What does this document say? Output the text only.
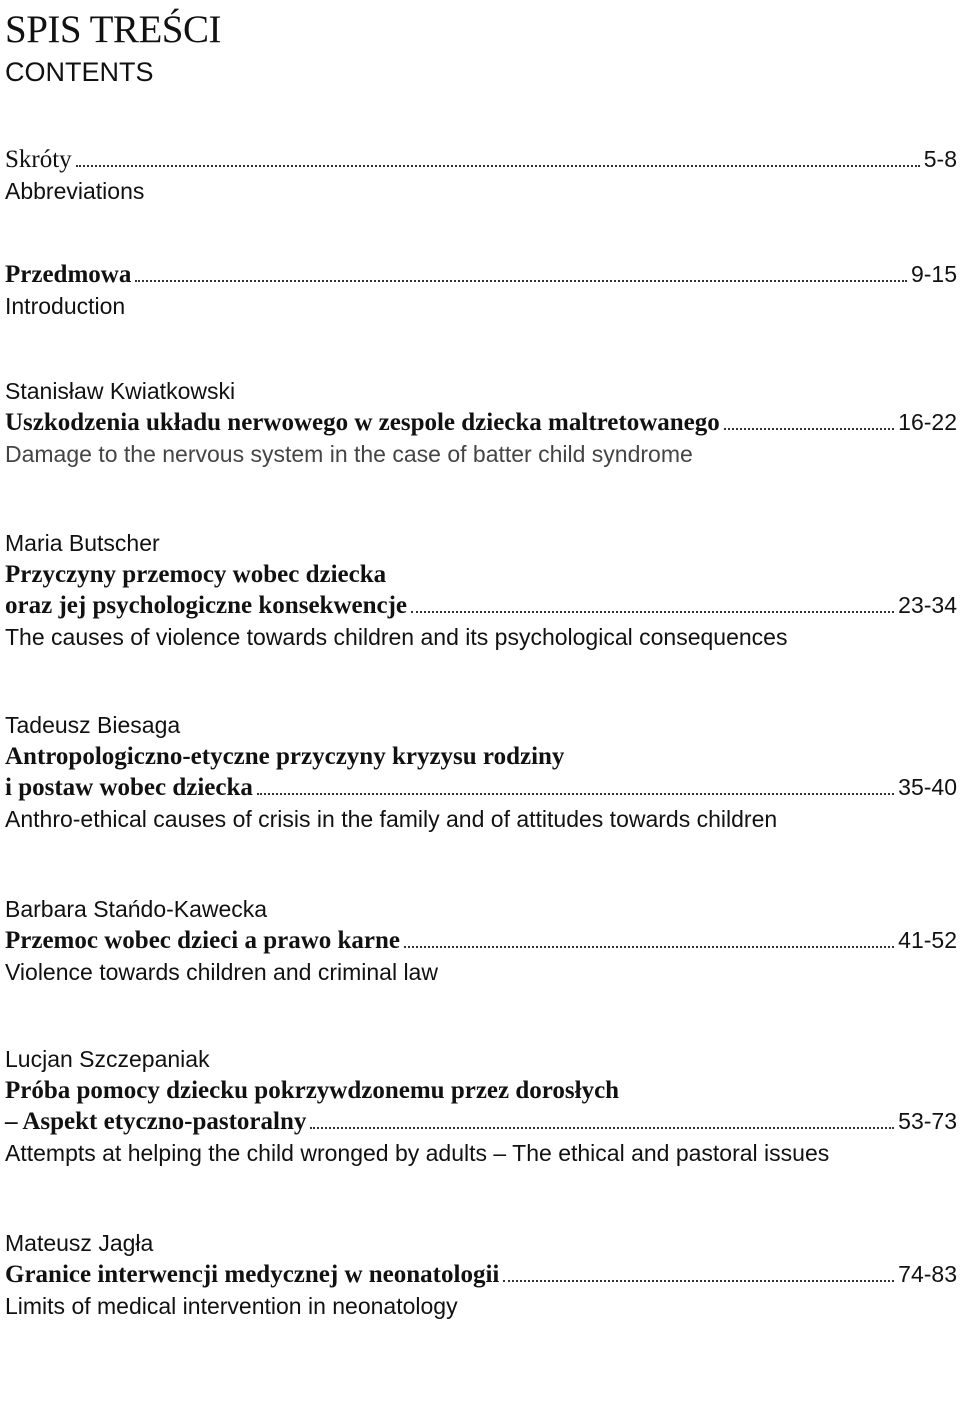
SPIS TREŚCI
CONTENTS
Skróty	5-8
Abbreviations
Przedmowa	9-15
Introduction
Stanisław Kwiatkowski
Uszkodzenia układu nerwowego w zespole dziecka maltretowanego	16-22
Damage to the nervous system in the case of batter child syndrome
Maria Butscher
Przyczyny przemocy wobec dziecka
oraz jej psychologiczne konsekwencje	23-34
The causes of violence towards children and its psychological consequences
Tadeusz Biesaga
Antropologiczno-etyczne przyczyny kryzysu rodziny
i postaw wobec dziecka	35-40
Anthro-ethical causes of crisis in the family and of attitudes towards children
Barbara Stańdo-Kawecka
Przemoc wobec dzieci a prawo karne	41-52
Violence towards children and criminal law
Lucjan Szczepaniak
Próba pomocy dziecku pokrzywdzonemu przez dorosłych
– Aspekt etyczno-pastoralny	53-73
Attempts at helping the child wronged by adults – The ethical and pastoral issues
Mateusz Jagła
Granice interwencji medycznej w neonatologii	74-83
Limits of medical intervention in neonatology
